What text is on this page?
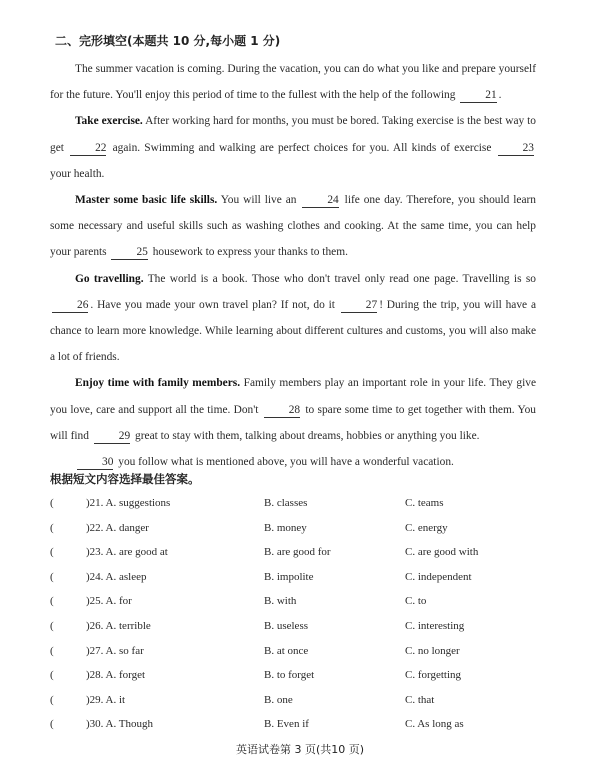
二、完形填空(本题共 10 分,每小题 1 分)

The summer vacation is coming. During the vacation, you can do what you like and prepare yourself for the future. You'll enjoy this period of time to the fullest with the help of the following	21 .

Take exercise. After working hard for months, you must be bored. Taking exercise is the best way to get	22 again. Swimming and walking are perfect choices for you. All kinds of exercise	23 your health.

Master some basic life skills. You will live an	24 life one day. Therefore, you should learn some necessary and useful skills such as washing clothes and cooking. At the same time, you can help your parents	25 housework to express your thanks to them.

Go travelling. The world is a book. Those who don't travel only read one page. Travelling is so 26 . Have you made your own travel plan? If not, do it	27 ! During the trip, you will have a chance to learn more knowledge. While learning about different cultures and customs, you will also make a lot of friends.

Enjoy time with family members. Family members play an important role in your life. They give you love, care and support all the time. Don't	28 to spare some time to get together with them. You will find	29 great to stay with them, talking about dreams, hobbies or anything you like.

30 you follow what is mentioned above, you will have a wonderful vacation.

根据短文内容选择最佳答案。
(	)21. A. suggestions	B. classes	C. teams
(	)22. A. danger	B. money	C. energy
(	)23. A. are good at	B. are good for	C. are good with
(	)24. A. asleep	B. impolite	C. independent
(	)25. A. for	B. with	C. to
(	)26. A. terrible	B. useless	C. interesting
(	)27. A. so far	B. at once	C. no longer
(	)28. A. forget	B. to forget	C. forgetting
(	)29. A. it	B. one	C. that
(	)30. A. Though	B. Even if	C. As long as
英语试卷第 3 页(共10 页)
